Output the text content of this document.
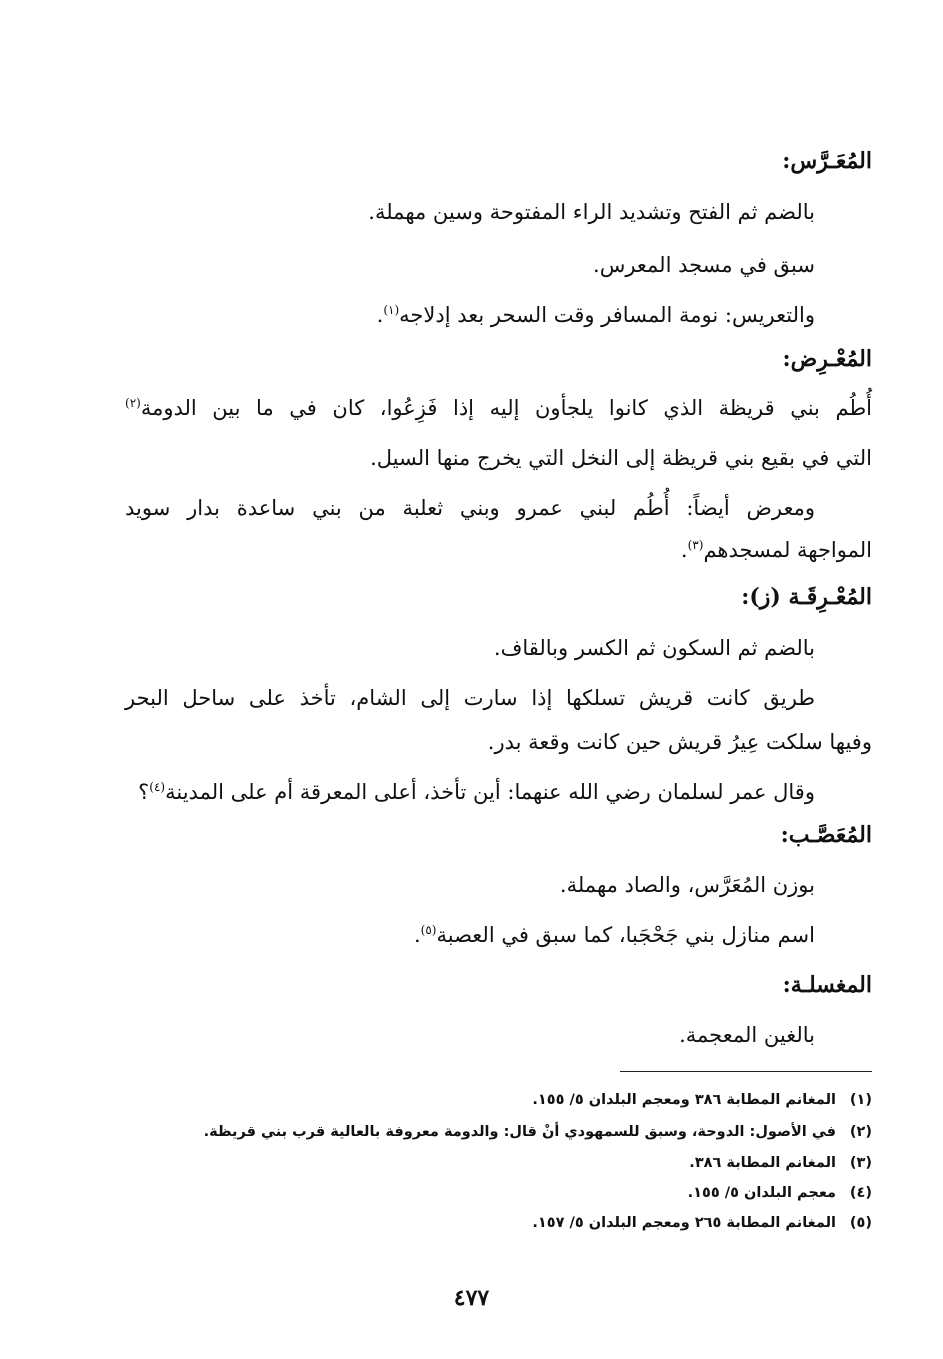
المُعَـرَّس:
بالضم ثم الفتح وتشديد الراء المفتوحة وسين مهملة.
سبق في مسجد المعرس.
والتعريس: نومة المسافر وقت السحر بعد إدلاجه$^{(١)}$.
المُعْـرِض:
أُطُم بني قريظة الذي كانوا يلجأون إليه إذا فَزِعُوا، كان في ما بين الدومة$^{(٢)}$
التي في بقيع بني قريظة إلى النخل التي يخرج منها السيل.
ومعرض أيضاً: أُطُم لبني عمرو وبني ثعلبة من بني ساعدة بدار سويد
المواجهة لمسجدهم$^{(٣)}$.
المُعْـرِقَـة (ز):
بالضم ثم السكون ثم الكسر وبالقاف.
طريق كانت قريش تسلكها إذا سارت إلى الشام، تأخذ على ساحل البحر
وفيها سلكت عِيرُ قريش حين كانت وقعة بدر.
وقال عمر لسلمان رضي الله عنهما: أين تأخذ، أعلى المعرقة أم على المدينة$^{(٤)}$؟
المُعَصَّـب:
بوزن المُعَرَّس، والصاد مهملة.
اسم منازل بني جَحْجَبا، كما سبق في العصبة$^{(٥)}$.
المغسلـة:
بالغين المعجمة.
(١)المغانم المطابة ٣٨٦ ومعجم البلدان ٥/ ١٥٥.
(٢)في الأصول: الدوحة، وسبق للسمهودي أنْ قال: والدومة معروفة بالعالية قرب بني قريظة.
(٣)المغانم المطابة ٣٨٦.
(٤)معجم البلدان ٥/ ١٥٥.
(٥)المغانم المطابة ٢٦٥ ومعجم البلدان ٥/ ١٥٧.
٤٧٧
